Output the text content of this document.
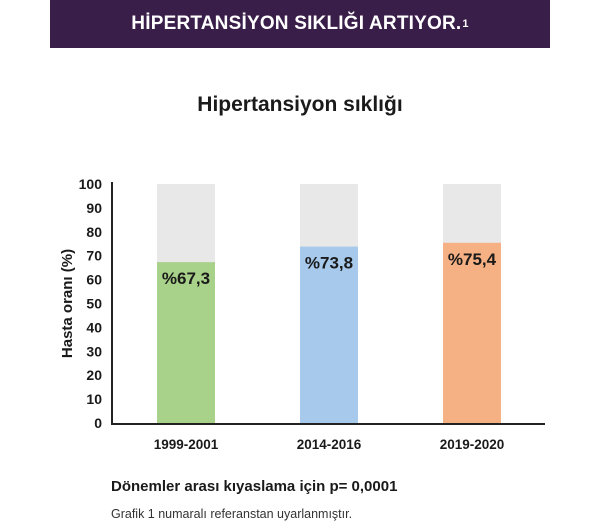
HİPERTANSİYON SIKLIĞI ARTIYOR. 1
Hipertansiyon sıklığı
%67,3
1999-2001
%73,8
2014-2016
%75,4
2019-2020
0
10
20
30
40
50
60
70
80
90
100
Hasta oranı (%)
Dönemler arası kıyaslama için p= 0,0001
Grafik 1 numaralı referanstan uyarlanmıştır.
